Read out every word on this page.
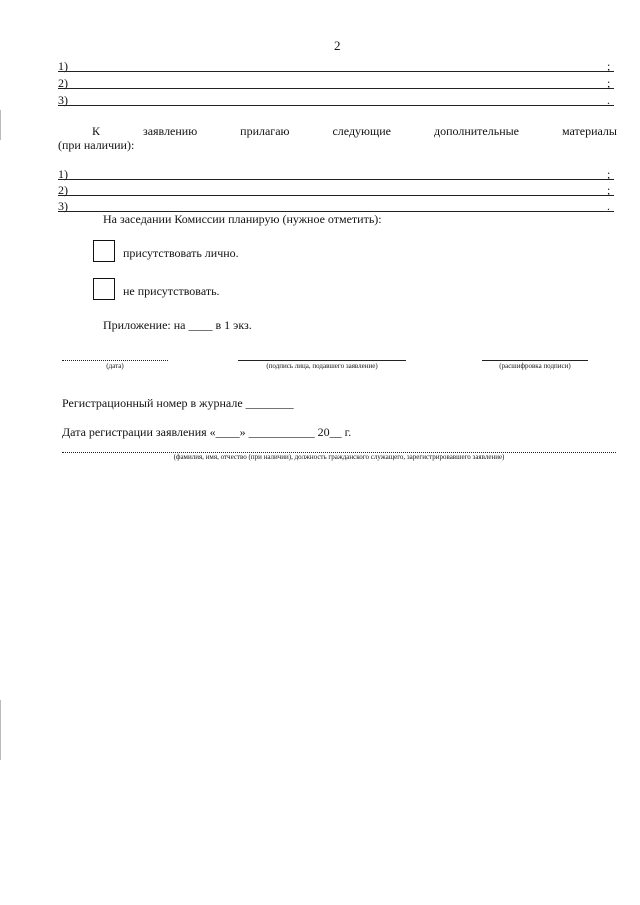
2
1)	;
2)	;
3)	.
К	заявлению	прилагаю	следующие	дополнительные	материалы
(при наличии):
1)	;
2)	;
3)	.
На заседании Комиссии планирую (нужное отметить):
присутствовать лично.
не присутствовать.
Приложение: на ____ в 1 экз.
(дата)	(подпись лица, подавшего заявление)	(расшифровка подписи)
Регистрационный номер в журнале ________
Дата регистрации заявления «____» ___________ 20__ г.
(фамилия, имя, отчество (при наличии), должность гражданского служащего, зарегистрировавшего заявление)
